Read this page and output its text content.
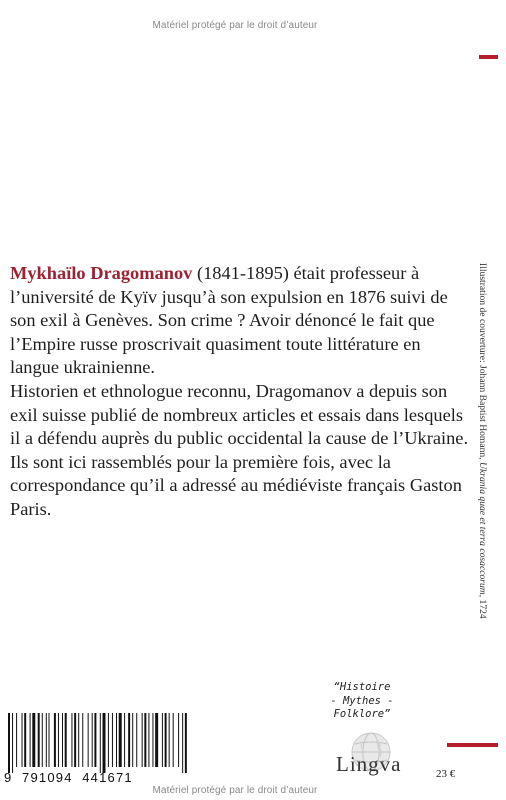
Matériel protégé par le droit d’auteur

Mykhaïlo Dragomanov (1841-1895) était professeur à l’université de Kyïv jusqu’à son expulsion en 1876 suivi de son exil à Genèves. Son crime ? Avoir dénoncé le fait que l’Empire russe proscrivait quasiment toute littérature en langue ukrainienne.

Historien et ethnologue reconnu, Dragomanov a depuis son exil suisse publié de nombreux articles et essais dans lesquels il a défendu auprès du public occidental la cause de l’Ukraine.

Ils sont ici rassemblés pour la première fois, avec la correspondance qu’il a adressé au médiéviste français Gaston Paris.

Illustration de couverture: Johann Baptist Homann, Ukrania quae et terra cosaccorum, 1724
“Histoire
- Mythes -
Folklore”
Lingva	23 €
9  791094  441671
Matériel protégé par le droit d’auteur
